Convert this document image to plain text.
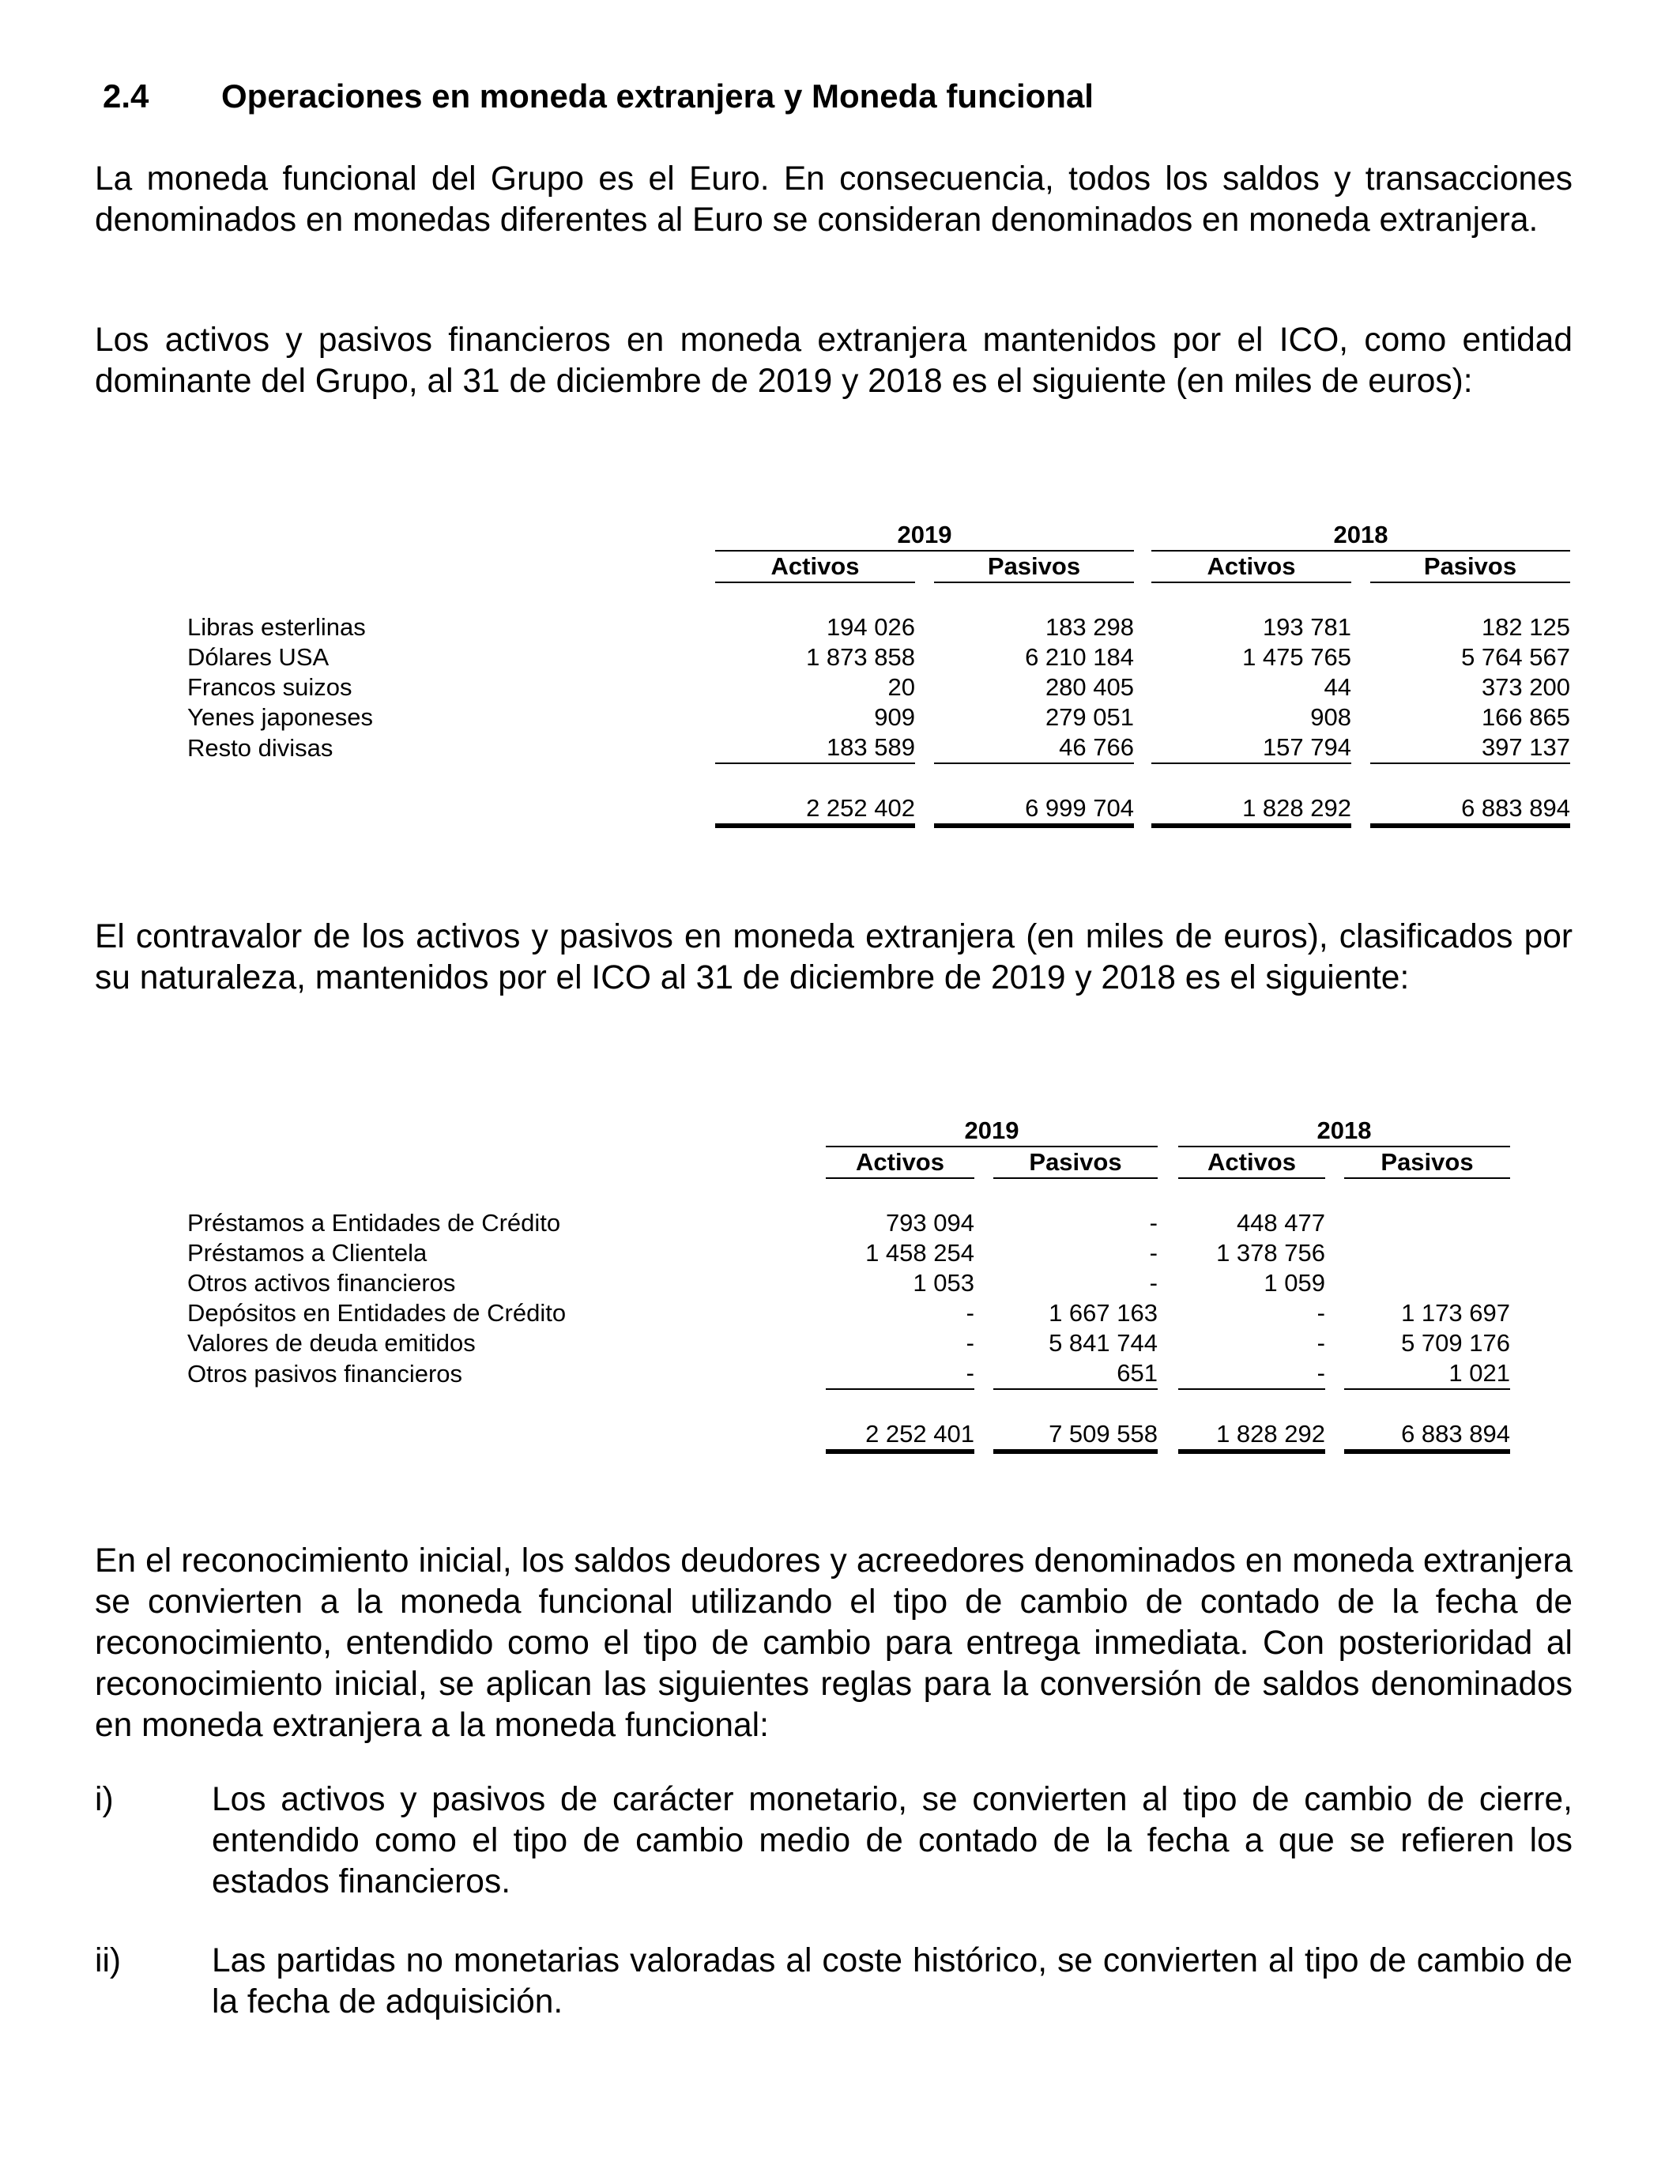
2.4	Operaciones en moneda extranjera y Moneda funcional
La moneda funcional del Grupo es el Euro. En consecuencia, todos los saldos y transacciones denominados en monedas diferentes al Euro se consideran denominados en moneda extranjera.
Los activos y pasivos financieros en moneda extranjera mantenidos por el ICO, como entidad dominante del Grupo, al 31 de diciembre de 2019 y 2018 es el siguiente (en miles de euros):
	2019				2018		
	Activos		Pasivos		Activos		Pasivos

Libras esterlinas	194 026		183 298		193 781		182 125
Dólares USA	1 873 858		6 210 184		1 475 765		5 764 567
Francos suizos	20		280 405		44		373 200
Yenes japoneses	909		279 051		908		166 865
Resto divisas	183 589		46 766		157 794		397 137

	2 252 402		6 999 704		1 828 292		6 883 894
El contravalor de los activos y pasivos en moneda extranjera (en miles de euros), clasificados por su naturaleza, mantenidos por el ICO al 31 de diciembre de 2019 y 2018 es el siguiente:
	2019				2018		
	Activos		Pasivos		Activos		Pasivos

Préstamos a Entidades de Crédito	793 094		-		448 477		
Préstamos a Clientela	1 458 254		-		1 378 756		
Otros activos financieros	1 053		-		1 059		
Depósitos en Entidades de Crédito	-		1 667 163		-		1 173 697
Valores de deuda emitidos	-		5 841 744		-		5 709 176
Otros pasivos financieros	-		651		-		1 021

	2 252 401		7 509 558		1 828 292		6 883 894
En el reconocimiento inicial, los saldos deudores y acreedores denominados en moneda extranjera se convierten a la moneda funcional utilizando el tipo de cambio de contado de la fecha de reconocimiento, entendido como el tipo de cambio para entrega inmediata. Con posterioridad al reconocimiento inicial, se aplican las siguientes reglas para la conversión de saldos denominados en moneda extranjera a la moneda funcional:
i)	Los activos y pasivos de carácter monetario, se convierten al tipo de cambio de cierre, entendido como el tipo de cambio medio de contado de la fecha a que se refieren los estados financieros.
ii)	Las partidas no monetarias valoradas al coste histórico, se convierten al tipo de cambio de la fecha de adquisición.
